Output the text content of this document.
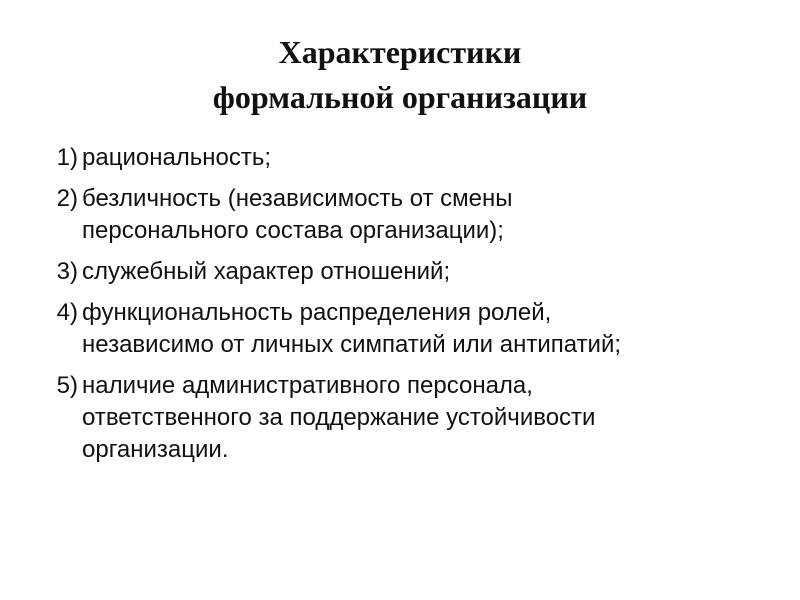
Характеристики
формальной организации
1) рациональность;
2) безличность (независимость от смены
персонального состава организации);
3) служебный характер отношений;
4) функциональность распределения ролей,
независимо от личных симпатий или антипатий;
5) наличие административного персонала,
ответственного за поддержание устойчивости
организации.
